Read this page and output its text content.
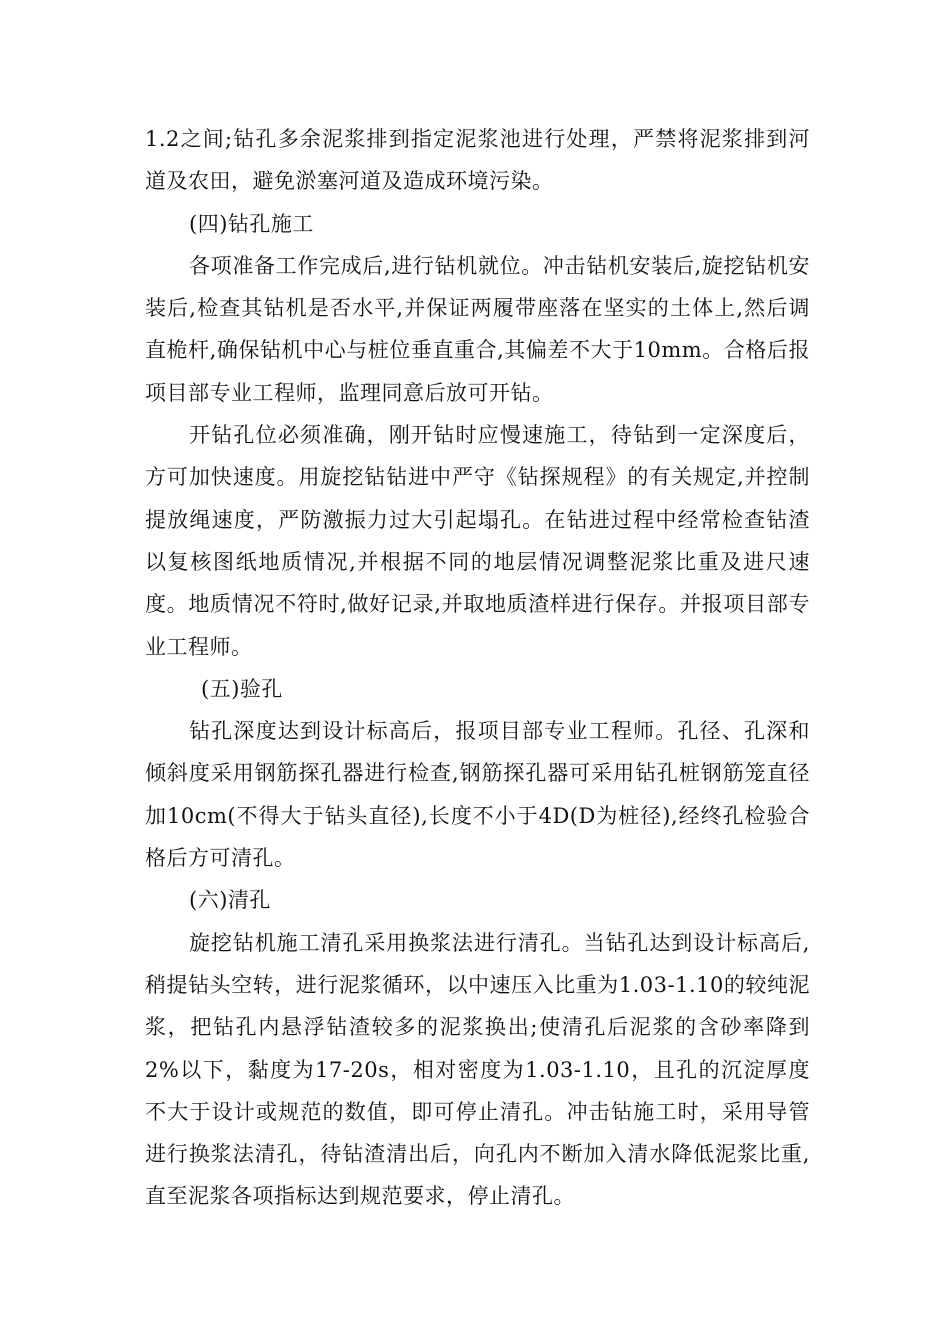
1.2之间;钻孔多余泥浆排到指定泥浆池进行处理，严禁将泥浆排到河道及农田，避免淤塞河道及造成环境污染。

(四)钻孔施工

各项准备工作完成后,进行钻机就位。冲击钻机安装后,旋挖钻机安装后,检查其钻机是否水平,并保证两履带座落在坚实的土体上,然后调直桅杆,确保钻机中心与桩位垂直重合,其偏差不大于10mm。合格后报项目部专业工程师，监理同意后放可开钻。

开钻孔位必须准确，刚开钻时应慢速施工，待钻到一定深度后，方可加快速度。用旋挖钻钻进中严守《钻探规程》的有关规定,并控制提放绳速度，严防激振力过大引起塌孔。在钻进过程中经常检查钻渣以复核图纸地质情况,并根据不同的地层情况调整泥浆比重及进尺速度。地质情况不符时,做好记录,并取地质渣样进行保存。并报项目部专业工程师。

(五)验孔

钻孔深度达到设计标高后，报项目部专业工程师。孔径、孔深和倾斜度采用钢筋探孔器进行检查,钢筋探孔器可采用钻孔桩钢筋笼直径加10cm(不得大于钻头直径),长度不小于4D(D为桩径),经终孔检验合格后方可清孔。

(六)清孔

旋挖钻机施工清孔采用换浆法进行清孔。当钻孔达到设计标高后,稍提钻头空转，进行泥浆循环，以中速压入比重为1.03-1.10的较纯泥浆，把钻孔内悬浮钻渣较多的泥浆换出;使清孔后泥浆的含砂率降到2%以下，黏度为17-20s，相对密度为1.03-1.10，且孔的沉淀厚度不大于设计或规范的数值，即可停止清孔。冲击钻施工时，采用导管进行换浆法清孔，待钻渣清出后，向孔内不断加入清水降低泥浆比重,直至泥浆各项指标达到规范要求，停止清孔。
